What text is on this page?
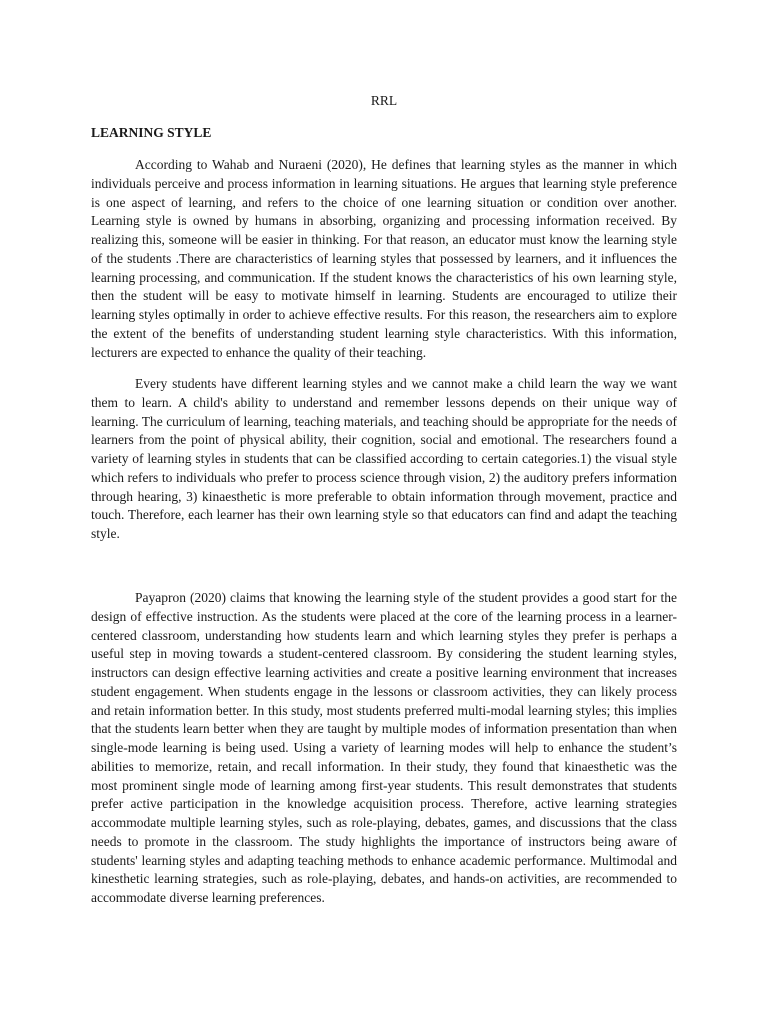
RRL
LEARNING STYLE

According to Wahab and Nuraeni (2020), He defines that learning styles as the manner in which individuals perceive and process information in learning situations. He argues that learning style preference is one aspect of learning, and refers to the choice of one learning situation or condition over another. Learning style is owned by humans in absorbing, organizing and processing information received. By realizing this, someone will be easier in thinking. For that reason, an educator must know the learning style of the students .There are characteristics of learning styles that possessed by learners, and it influences the learning processing, and communication. If the student knows the characteristics of his own learning style, then the student will be easy to motivate himself in learning. Students are encouraged to utilize their learning styles optimally in order to achieve effective results. For this reason, the researchers aim to explore the extent of the benefits of understanding student learning style characteristics. With this information, lecturers are expected to enhance the quality of their teaching.

Every students have different learning styles and we cannot make a child learn the way we want them to learn. A child's ability to understand and remember lessons depends on their unique way of learning. The curriculum of learning, teaching materials, and teaching should be appropriate for the needs of learners from the point of physical ability, their cognition, social and emotional. The researchers found a variety of learning styles in students that can be classified according to certain categories.1) the visual style which refers to individuals who prefer to process science through vision, 2) the auditory prefers information through hearing, 3) kinaesthetic is more preferable to obtain information through movement, practice and touch. Therefore, each learner has their own learning style so that educators can find and adapt the teaching style.

Payapron (2020) claims that knowing the learning style of the student provides a good start for the design of effective instruction. As the students were placed at the core of the learning process in a learner-centered classroom, understanding how students learn and which learning styles they prefer is perhaps a useful step in moving towards a student-centered classroom. By considering the student learning styles, instructors can design effective learning activities and create a positive learning environment that increases student engagement. When students engage in the lessons or classroom activities, they can likely process and retain information better. In this study, most students preferred multi-modal learning styles; this implies that the students learn better when they are taught by multiple modes of information presentation than when single-mode learning is being used. Using a variety of learning modes will help to enhance the student’s abilities to memorize, retain, and recall information. In their study, they found that kinaesthetic was the most prominent single mode of learning among first-year students. This result demonstrates that students prefer active participation in the knowledge acquisition process. Therefore, active learning strategies accommodate multiple learning styles, such as role-playing, debates, games, and discussions that the class needs to promote in the classroom. The study highlights the importance of instructors being aware of students' learning styles and adapting teaching methods to enhance academic performance. Multimodal and kinesthetic learning strategies, such as role-playing, debates, and hands-on activities, are recommended to accommodate diverse learning preferences.
